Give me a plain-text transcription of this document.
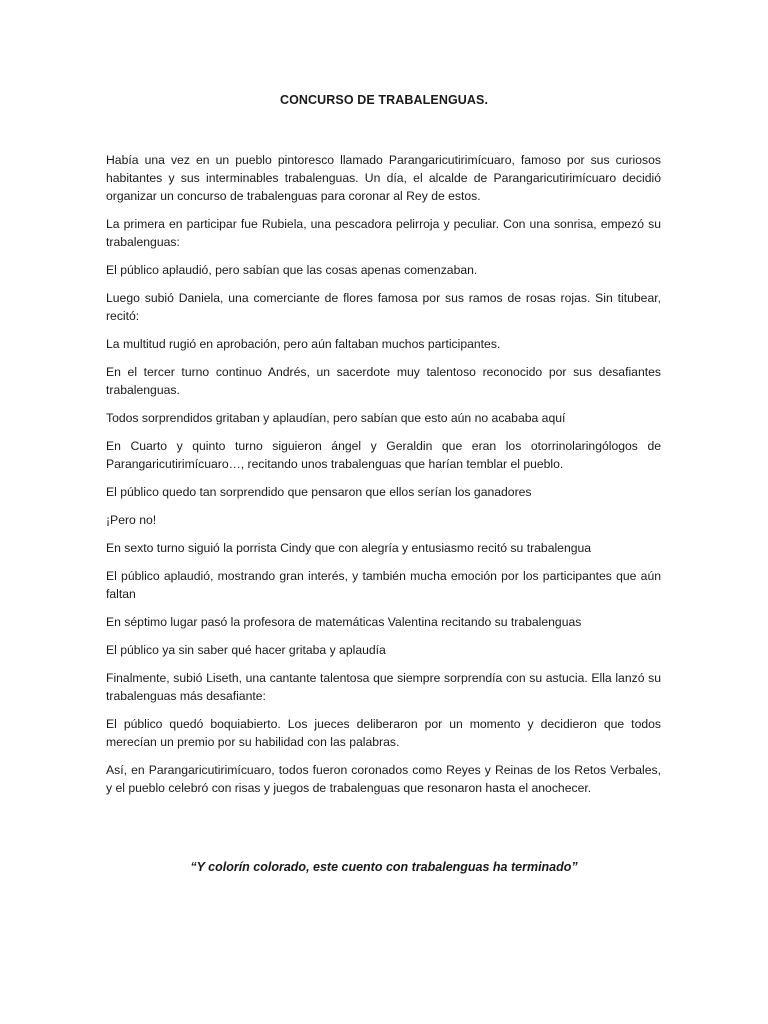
CONCURSO DE TRABALENGUAS.

Había una vez en un pueblo pintoresco llamado Parangaricutirimícuaro, famoso por sus curiosos habitantes y sus interminables trabalenguas. Un día, el alcalde de Parangaricutirimícuaro decidió organizar un concurso de trabalenguas para coronar al Rey de estos.

La primera en participar fue Rubiela, una pescadora pelirroja y peculiar. Con una sonrisa, empezó su trabalenguas:

El público aplaudió, pero sabían que las cosas apenas comenzaban.

Luego subió Daniela, una comerciante de flores famosa por sus ramos de rosas rojas. Sin titubear, recitó:

La multitud rugió en aprobación, pero aún faltaban muchos participantes.

En el tercer turno continuo Andrés, un sacerdote muy talentoso reconocido por sus desafiantes trabalenguas.

Todos sorprendidos gritaban y aplaudían, pero sabían que esto aún no acababa aquí

En Cuarto y quinto turno siguieron ángel y Geraldin que eran los otorrinolaringólogos de Parangaricutirimícuaro…, recitando unos trabalenguas que harían temblar el pueblo.

El público quedo tan sorprendido que pensaron que ellos serían los ganadores

¡Pero no!

En sexto turno siguió la porrista Cindy que con alegría y entusiasmo recitó su trabalengua

El público aplaudió, mostrando gran interés, y también mucha emoción por los participantes que aún faltan

En séptimo lugar pasó la profesora de matemáticas Valentina recitando su trabalenguas

El público ya sin saber qué hacer gritaba y aplaudía

Finalmente, subió Liseth, una cantante talentosa que siempre sorprendía con su astucia. Ella lanzó su trabalenguas más desafiante:

El público quedó boquiabierto. Los jueces deliberaron por un momento y decidieron que todos merecían un premio por su habilidad con las palabras.

Así, en Parangaricutirimícuaro, todos fueron coronados como Reyes y Reinas de los Retos Verbales, y el pueblo celebró con risas y juegos de trabalenguas que resonaron hasta el anochecer.

“Y colorín colorado, este cuento con trabalenguas ha terminado”
